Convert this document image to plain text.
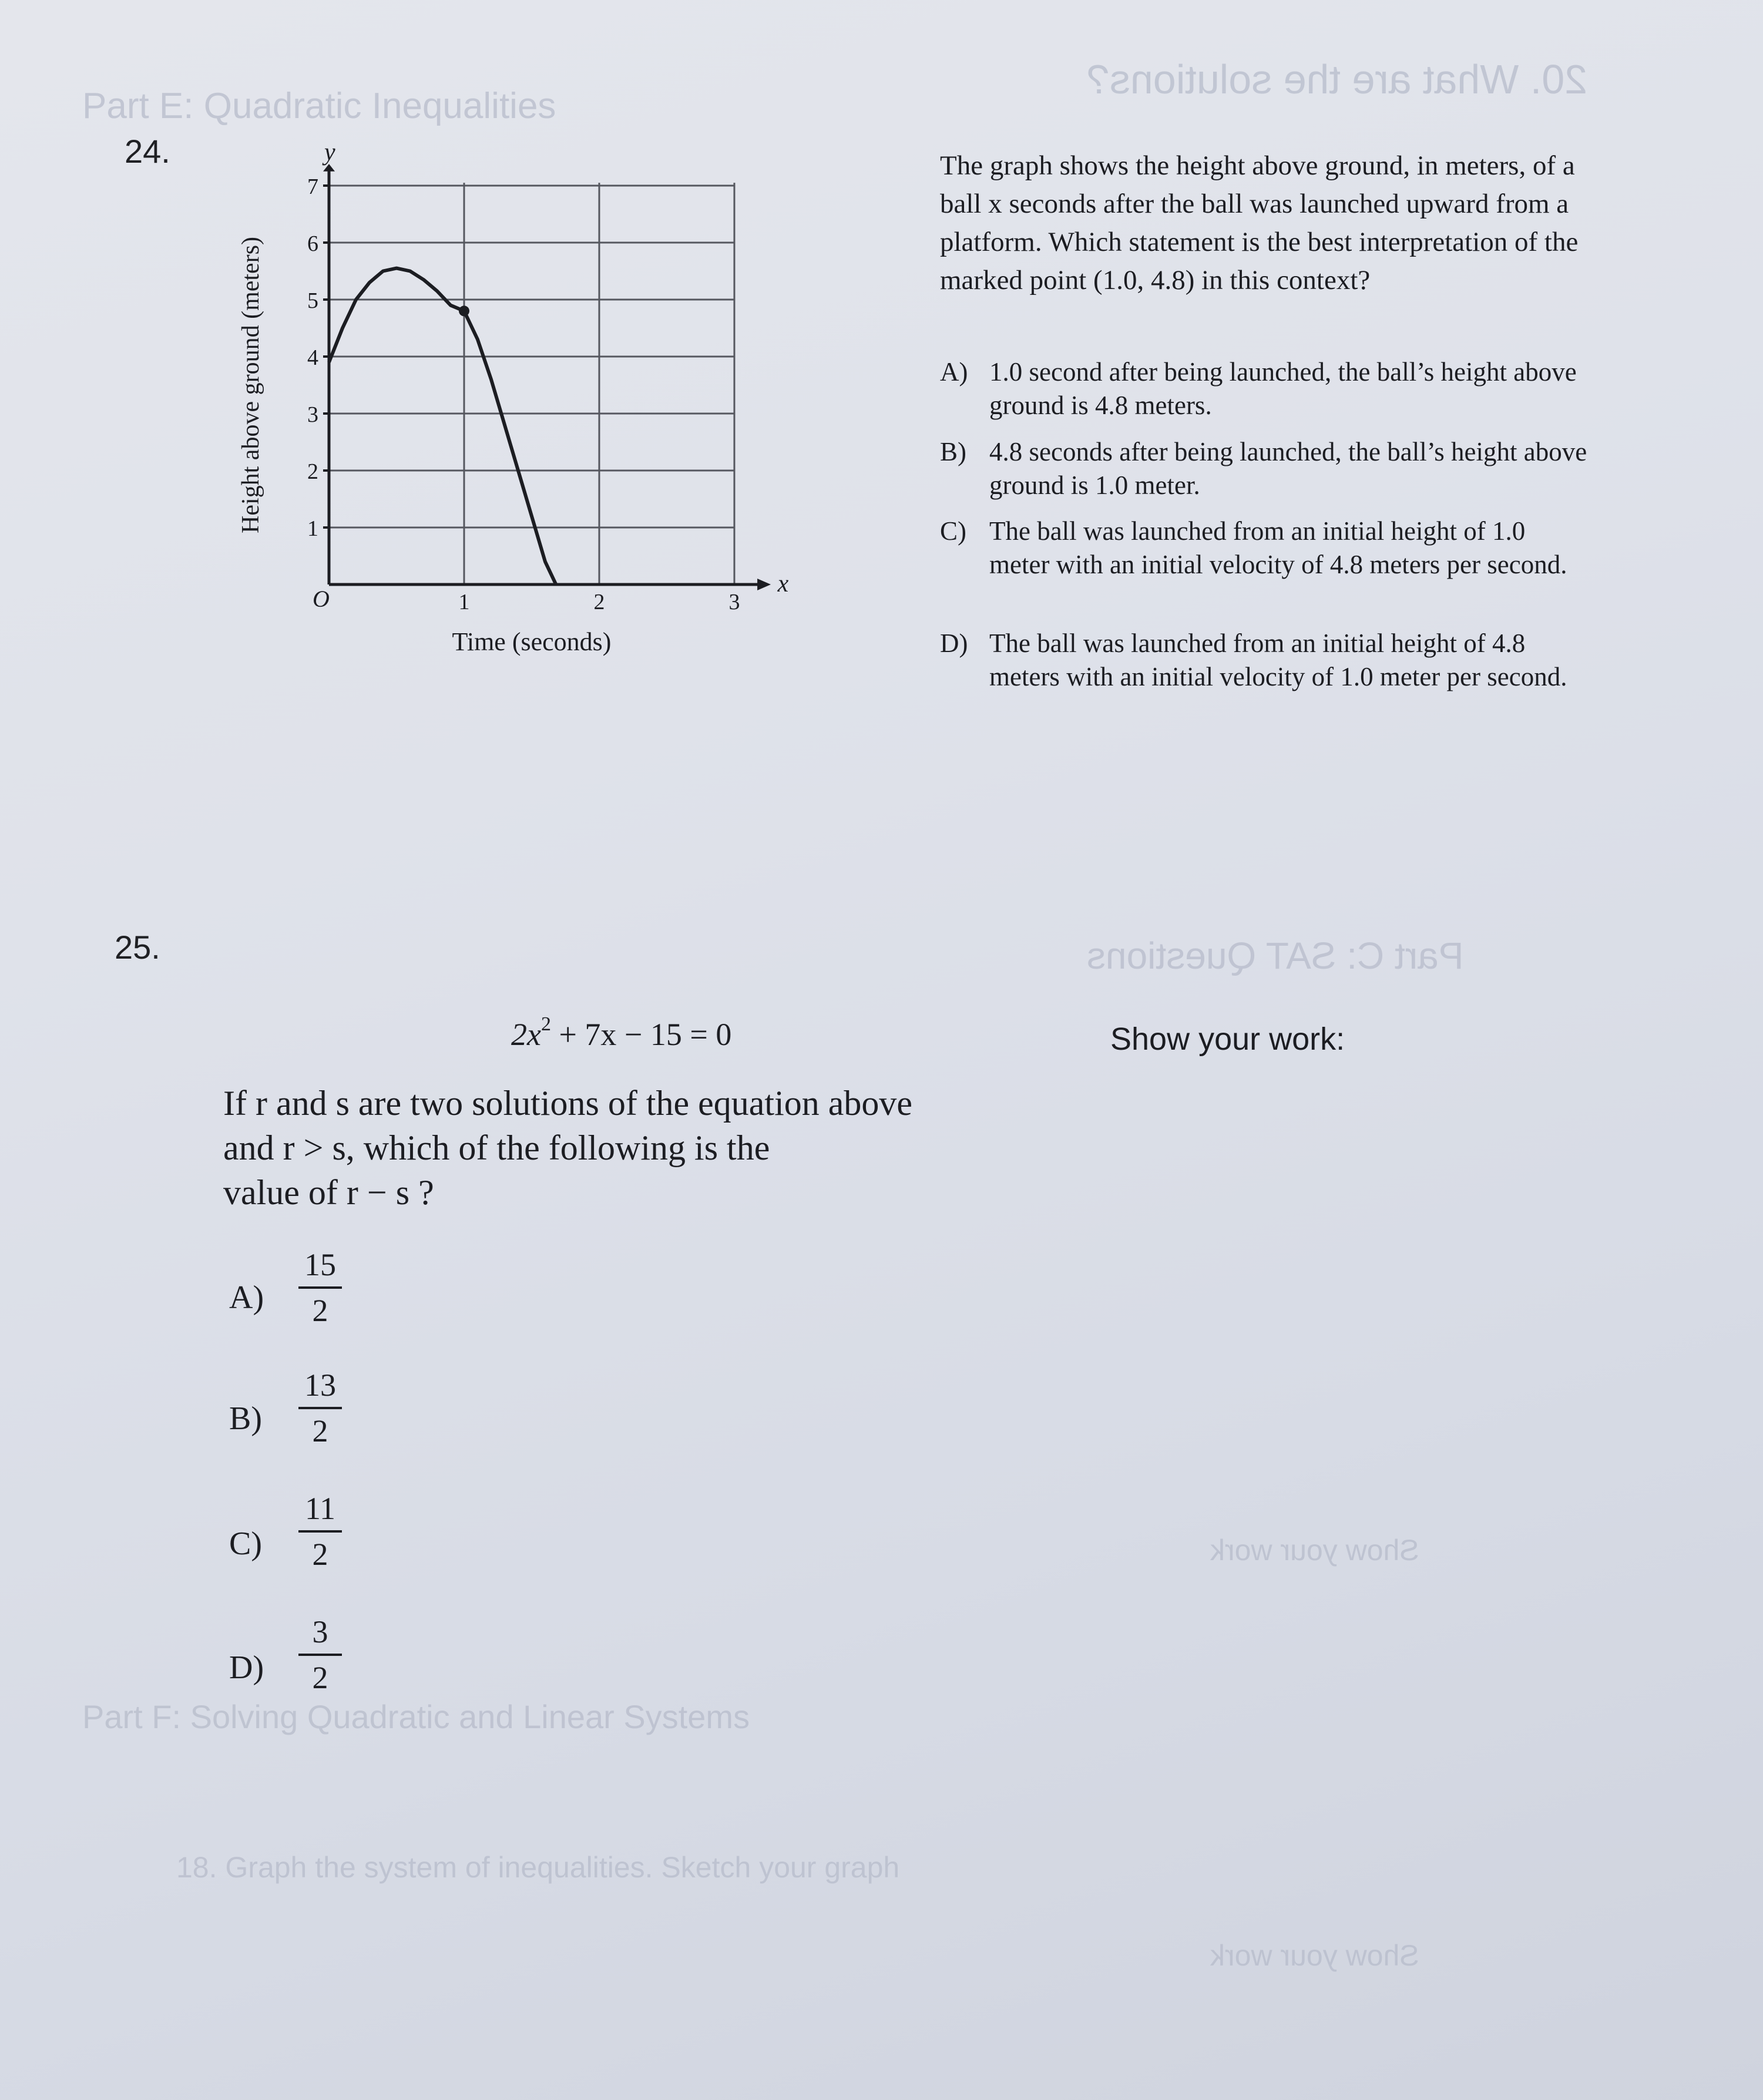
20. What are the solutions?
Part E: Quadratic Inequalities
Part C: SAT Questions
Part F: Solving Quadratic and Linear Systems
18. Graph the system of inequalities. Sketch your graph
Show your work
Show your work
24.
1
2
3
4
5
6
7
1	2	3
O
x
y
Time (seconds)
Height above ground (meters)
The graph shows the height above ground, in meters, of a ball x seconds after the ball was launched upward from a platform. Which statement is the best interpretation of the marked point (1.0, 4.8) in this context?
A) 1.0 second after being launched, the ball’s height above ground is 4.8 meters.
B) 4.8 seconds after being launched, the ball’s height above ground is 1.0 meter.
C) The ball was launched from an initial height of 1.0 meter with an initial velocity of 4.8 meters per second.
D) The ball was launched from an initial height of 4.8 meters with an initial velocity of 1.0 meter per second.
25.
$2x^2 + 7x - 15 = 0$	Show your work:
If r and s are two solutions of the equation above
and r > s, which of the following is the
value of r − s ?
A)
15
2
B)
13
2
C)
11
2
D)
3
2
